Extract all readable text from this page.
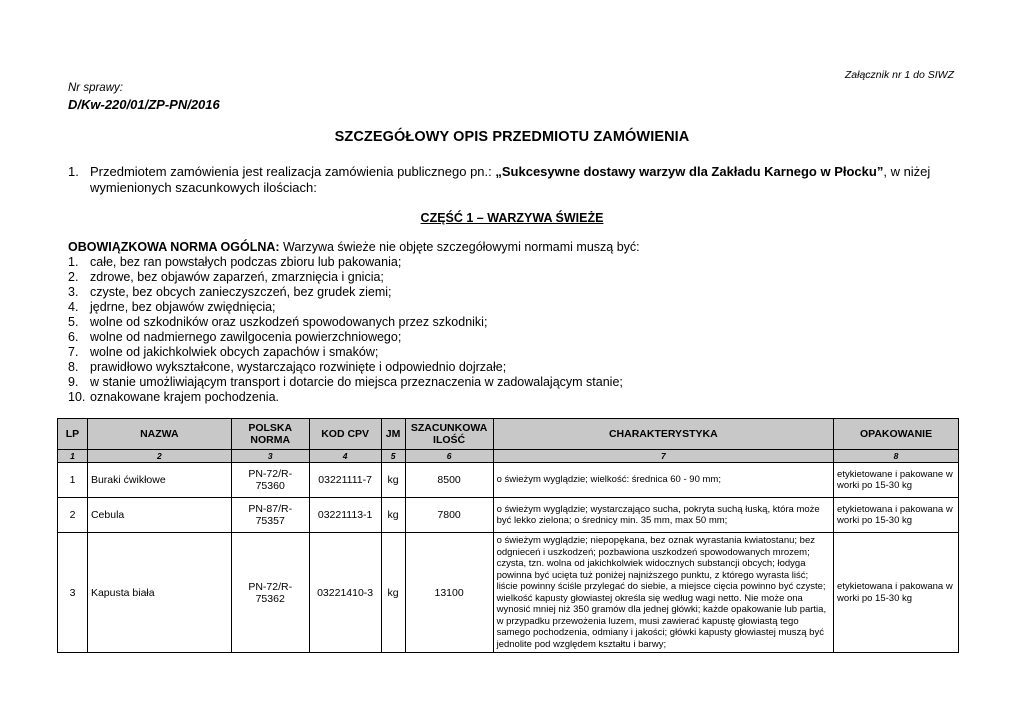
Załącznik nr 1 do SIWZ
Nr sprawy:
D/Kw-220/01/ZP-PN/2016
SZCZEGÓŁOWY OPIS PRZEDMIOTU ZAMÓWIENIA
1. Przedmiotem zamówienia jest realizacja zamówienia publicznego pn.: „Sukcesywne dostawy warzyw dla Zakładu Karnego w Płocku”, w niżej wymienionych szacunkowych ilościach:
CZĘŚĆ 1 – WARZYWA ŚWIEŻE
OBOWIĄZKOWA NORMA OGÓLNA: Warzywa świeże nie objęte szczegółowymi normami muszą być:
1. całe, bez ran powstałych podczas zbioru lub pakowania;
2. zdrowe, bez objawów zaparzeń, zmarznięcia i gnicia;
3. czyste, bez obcych zanieczyszczeń, bez grudek ziemi;
4. jędrne, bez objawów zwiędnięcia;
5. wolne od szkodników oraz uszkodzeń spowodowanych przez szkodniki;
6. wolne od nadmiernego zawilgocenia powierzchniowego;
7. wolne od jakichkolwiek obcych zapachów i smaków;
8. prawidłowo wykształcone, wystarczająco rozwinięte i odpowiednio dojrzałe;
9. w stanie umożliwiającym transport i dotarcie do miejsca przeznaczenia w zadowalającym stanie;
10. oznakowane krajem pochodzenia.
LP	NAZWA	POLSKA NORMA	KOD CPV	JM	SZACUNKOWA ILOŚĆ	CHARAKTERYSTYKA	OPAKOWANIE
1	2	3	4	5	6	7	8
1	Buraki ćwikłowe	PN-72/R-75360	03221111-7	kg	8500	o świeżym wyglądzie; wielkość: średnica 60 - 90 mm;	etykietowane i pakowane w worki po 15-30 kg
2	Cebula	PN-87/R-75357	03221113-1	kg	7800	o świeżym wyglądzie; wystarczająco sucha, pokryta suchą łuską, która może być lekko zielona; o średnicy min. 35 mm, max 50 mm;	etykietowana i pakowana w worki po 15-30 kg
3	Kapusta biała	PN-72/R-75362	03221410-3	kg	13100	o świeżym wyglądzie; niepopękana, bez oznak wyrastania kwiatostanu; bez odgnieceń i uszkodzeń; pozbawiona uszkodzeń spowodowanych mrozem; czysta, tzn. wolna od jakichkolwiek widocznych substancji obcych; łodyga powinna być ucięta tuż poniżej najniższego punktu, z którego wyrasta liść; liście powinny ściśle przylegać do siebie, a miejsce cięcia powinno być czyste; wielkość kapusty głowiastej określa się według wagi netto. Nie może ona wynosić mniej niż 350 gramów dla jednej główki; każde opakowanie lub partia, w przypadku przewożenia luzem, musi zawierać kapustę głowiastą tego samego pochodzenia, odmiany i jakości; główki kapusty głowiastej muszą być jednolite pod względem kształtu i barwy;	etykietowana i pakowana w worki po 15-30 kg
